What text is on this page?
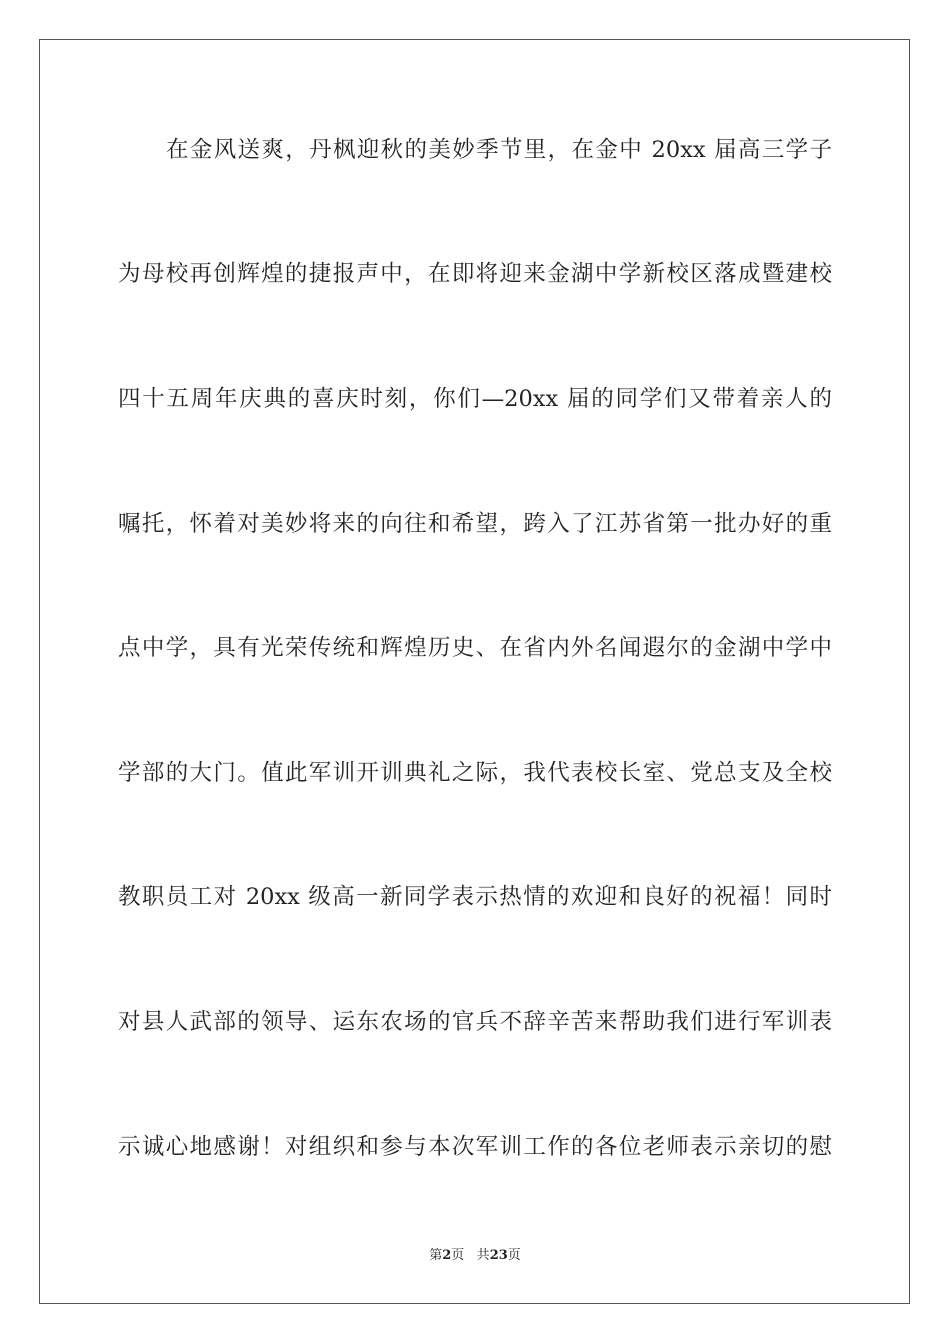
在金风送爽，丹枫迎秋的美妙季节里，在金中 20xx 届高三学子
为母校再创辉煌的捷报声中，在即将迎来金湖中学新校区落成暨建校
四十五周年庆典的喜庆时刻，你们—20xx 届的同学们又带着亲人的
嘱托，怀着对美妙将来的向往和希望，跨入了江苏省第一批办好的重
点中学，具有光荣传统和辉煌历史、在省内外名闻遐尔的金湖中学中
学部的大门。值此军训开训典礼之际，我代表校长室、党总支及全校
教职员工对 20xx 级高一新同学表示热情的欢迎和良好的祝福！同时
对县人武部的领导、运东农场的官兵不辞辛苦来帮助我们进行军训表
示诚心地感谢！对组织和参与本次军训工作的各位老师表示亲切的慰
第2页 共23页
